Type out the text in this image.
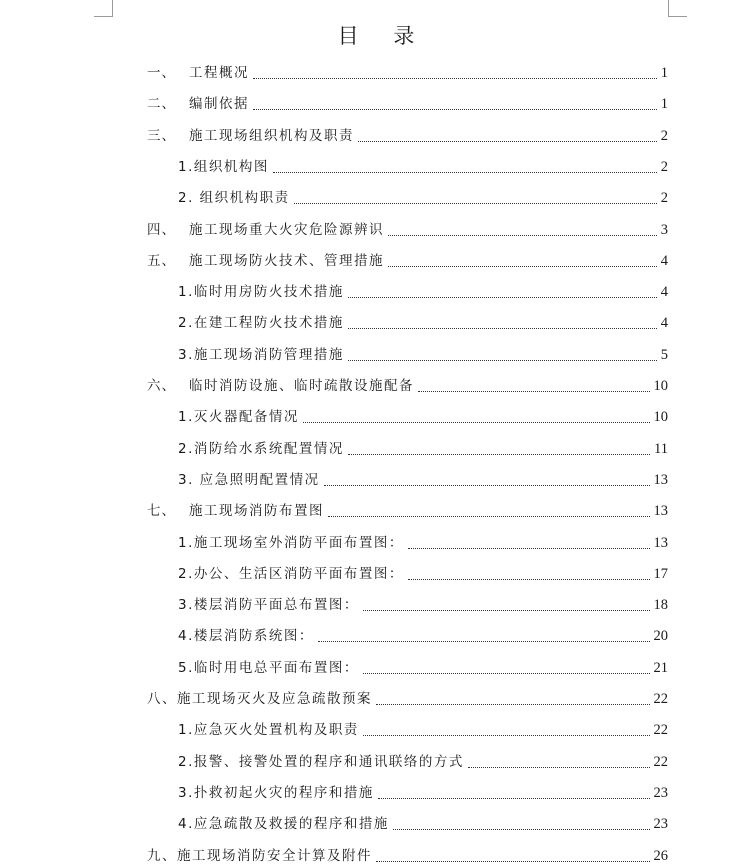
目 录
一、 工程概况	1
二、 编制依据	1
三、 施工现场组织机构及职责	2
1.组织机构图	2
2. 组织机构职责	2
四、 施工现场重大火灾危险源辨识	3
五、 施工现场防火技术、管理措施	4
1.临时用房防火技术措施	4
2.在建工程防火技术措施	4
3.施工现场消防管理措施	5
六、 临时消防设施、临时疏散设施配备	10
1.灭火器配备情况	10
2.消防给水系统配置情况	11
3. 应急照明配置情况	13
七、 施工现场消防布置图	13
1.施工现场室外消防平面布置图：	13
2.办公、生活区消防平面布置图：	17
3.楼层消防平面总布置图：	18
4.楼层消防系统图：	20
5.临时用电总平面布置图：	21
八、施工现场灭火及应急疏散预案	22
1.应急灭火处置机构及职责	22
2.报警、接警处置的程序和通讯联络的方式	22
3.扑救初起火灾的程序和措施	23
4.应急疏散及救援的程序和措施	23
九、施工现场消防安全计算及附件	26
